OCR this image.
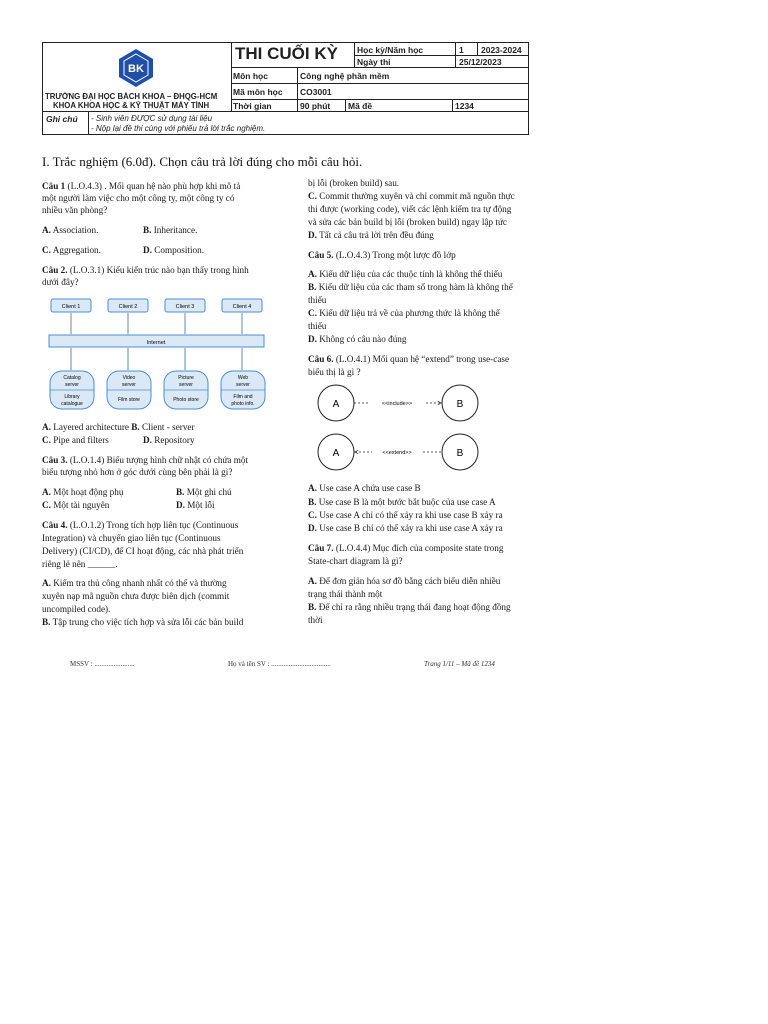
BK
TRƯỜNG ĐẠI HỌC BÁCH KHOA – ĐHQG-HCM
KHOA KHOA HỌC & KỸ THUẬT MÁY TÍNH
THI CUỐI KỲ Học kỳ/Năm học	1 2023-2024
Ngày thi	25/12/2023
Môn học	Công nghệ phần mềm
Mã môn học CO3001
Thời gian	90 phút Mã đề	1234
Ghi chú - Sinh viên ĐƯỢC sử dụng tài liệu
- Nộp lại đề thi cùng với phiếu trả lời trắc nghiệm.
I. Trắc nghiệm (6.0đ). Chọn câu trả lời đúng cho mỗi câu hỏi.
Câu 1 (L.O.4.3) . Mối quan hệ nào phù hợp khi mô tả
một người làm việc cho một công ty, một công ty có
nhiều văn phòng?
A. Association.	B. Inheritance.
C. Aggregation.	D. Composition.
Câu 2. (L.O.3.1) Kiểu kiến trúc nào bạn thấy trong hình
dưới đây?
Client 1	Client 2	Client 3	Client 4
Internet
Catalog
server
Library
catalogue
Video
server
Film store
Picture
server
Photo store
Web
server
Film and
photo info.
A. Layered architecture B. Client - server
C. Pipe and filters	D. Repository
Câu 3. (L.O.1.4) Biểu tượng hình chữ nhật có chứa một
biểu tượng nhỏ hơn ở góc dưới cùng bên phải là gì?
A. Một hoạt động phụ	B. Một ghi chú
C. Một tài nguyên	D. Một lỗi
Câu 4. (L.O.1.2) Trong tích hợp liên tục (Continuous
Integration) và chuyển giao liên tục (Continuous
Delivery) (CI/CD), để CI hoạt động, các nhà phát triển
riêng lẻ nên ______.
A. Kiểm tra thủ công nhanh nhất có thể và thường
xuyên nạp mã nguồn chưa được biên dịch (commit
uncompiled code).
B. Tập trung cho việc tích hợp và sửa lỗi các bản build
bị lỗi (broken build) sau.
C. Commit thường xuyên và chỉ commit mã nguồn thực
thi được (working code), viết các lệnh kiểm tra tự động
và sửa các bản build bị lỗi (broken build) ngay lập tức
D. Tất cả câu trả lời trên đều đúng
Câu 5. (L.O.4.3) Trong một lược đồ lớp
A. Kiểu dữ liệu của các thuộc tính là không thể thiếu
B. Kiểu dữ liệu của các tham số trong hàm là không thể
thiếu
C. Kiểu dữ liệu trả về của phương thức là không thể
thiếu
D. Không có câu nào đúng
Câu 6. (L.O.4.1) Mối quan hệ “extend” trong use-case
biểu thị là gì ?
A	B
<<include>>
A	B
<<extend>>
A. Use case A chứa use case B
B. Use case B là một bước bắt buộc của use case A
C. Use case A chỉ có thể xảy ra khi use case B xảy ra
D. Use case B chỉ có thể xảy ra khi use case A xảy ra
Câu 7. (L.O.4.4) Mục đích của composite state trong
State-chart diagram là gì?
A. Để đơn giản hóa sơ đồ bằng cách biểu diễn nhiều
trạng thái thành một
B. Để chỉ ra rằng nhiều trạng thái đang hoạt động đồng
thời
MSSV : .......................	Họ và tên SV : ..................................	Trang 1/11 – Mã đề 1234
